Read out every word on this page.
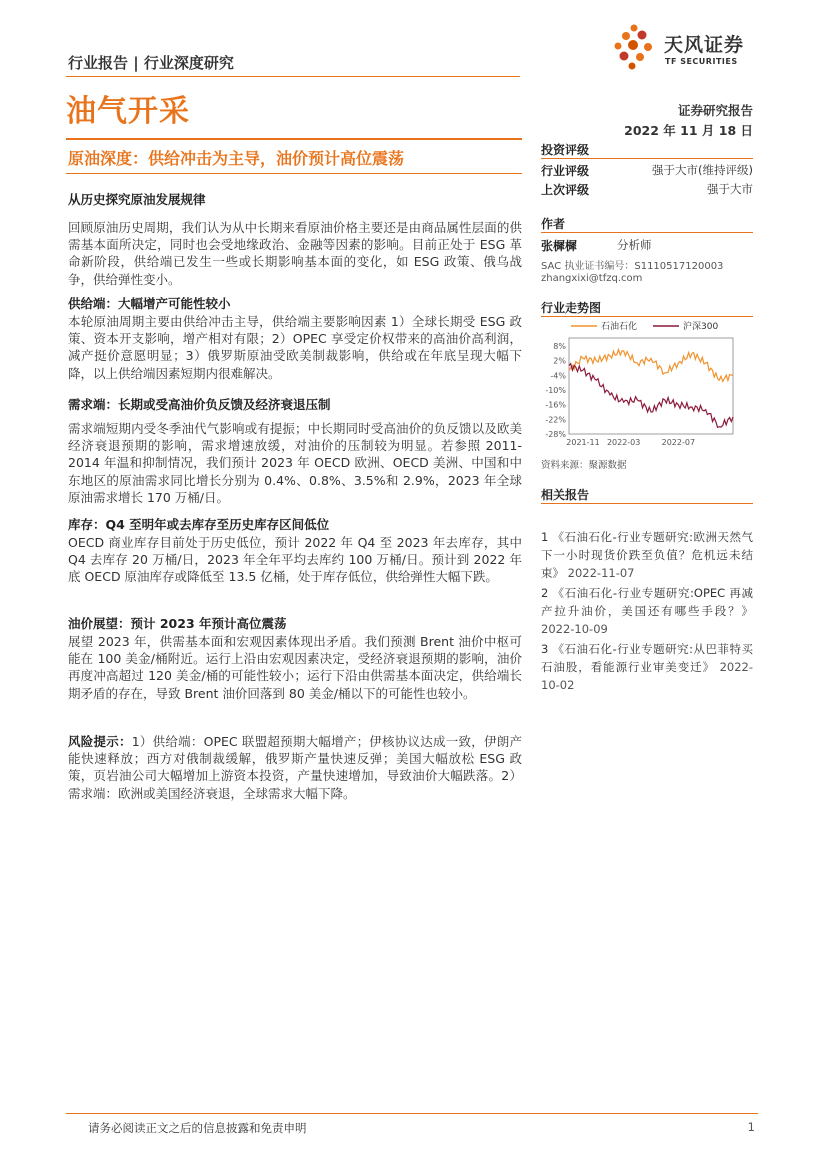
行业报告 | 行业深度研究
油气开采
天风证券
TF SECURITIES
证券研究报告
2022 年 11 月 18 日
原油深度：供给冲击为主导，油价预计高位震荡
从历史探究原油发展规律

回顾原油历史周期，我们认为从中长期来看原油价格主要还是由商品属性层面的供需基本面所决定，同时也会受地缘政治、金融等因素的影响。目前正处于 ESG 革命新阶段，供给端已发生一些或长期影响基本面的变化，如 ESG 政策、俄乌战争，供给弹性变小。

供给端：大幅增产可能性较小

本轮原油周期主要由供给冲击主导，供给端主要影响因素 1）全球长期受 ESG 政策、资本开支影响，增产相对有限；2）OPEC 享受定价权带来的高油价高利润，减产挺价意愿明显；3）俄罗斯原油受欧美制裁影响，供给或在年底呈现大幅下降，以上供给端因素短期内很难解决。

需求端：长期或受高油价负反馈及经济衰退压制

需求端短期内受冬季油代气影响或有提振；中长期同时受高油价的负反馈以及欧美经济衰退预期的影响，需求增速放缓，对油价的压制较为明显。若参照 2011-2014 年温和抑制情况，我们预计 2023 年 OECD 欧洲、OECD 美洲、中国和中东地区的原油需求同比增长分别为 0.4%、0.8%、3.5%和 2.9%，2023 年全球原油需求增长 170 万桶/日。

库存：Q4 至明年或去库存至历史库存区间低位

OECD 商业库存目前处于历史低位，预计 2022 年 Q4 至 2023 年去库存，其中 Q4 去库存 20 万桶/日，2023 年全年平均去库约 100 万桶/日。预计到 2022 年底 OECD 原油库存或降低至 13.5 亿桶，处于库存低位，供给弹性大幅下跌。

油价展望：预计 2023 年预计高位震荡

展望 2023 年，供需基本面和宏观因素体现出矛盾。我们预测 Brent 油价中枢可能在 100 美金/桶附近。运行上沿由宏观因素决定，受经济衰退预期的影响，油价再度冲高超过 120 美金/桶的可能性较小；运行下沿由供需基本面决定，供给端长期矛盾的存在，导致 Brent 油价回落到 80 美金/桶以下的可能性也较小。

风险提示：1）供给端：OPEC 联盟超预期大幅增产；伊核协议达成一致，伊朗产能快速释放；西方对俄制裁缓解，俄罗斯产量快速反弹；美国大幅放松 ESG 政策，页岩油公司大幅增加上游资本投资，产量快速增加，导致油价大幅跌落。2）需求端：欧洲或美国经济衰退，全球需求大幅下降。

投资评级
行业评级	强于大市(维持评级)
上次评级	强于大市
作者
张樨樨	分析师
SAC 执业证书编号：S1110517120003
zhangxixi@tfzq.com
行业走势图
石油石化	沪深300
8%
2%
-4%
-10%
-16%
-22%
-28%
2021-11 2022-03	2022-07
资料来源：聚源数据
相关报告
1 《石油石化-行业专题研究:欧洲天然气下一小时现货价跌至负值？危机远未结束》 2022-11-07
2 《石油石化-行业专题研究:OPEC 再减产拉升油价，美国还有哪些手段？》 2022-10-09
3 《石油石化-行业专题研究:从巴菲特买石油股，看能源行业审美变迁》 2022-10-02
请务必阅读正文之后的信息披露和免责申明	1
